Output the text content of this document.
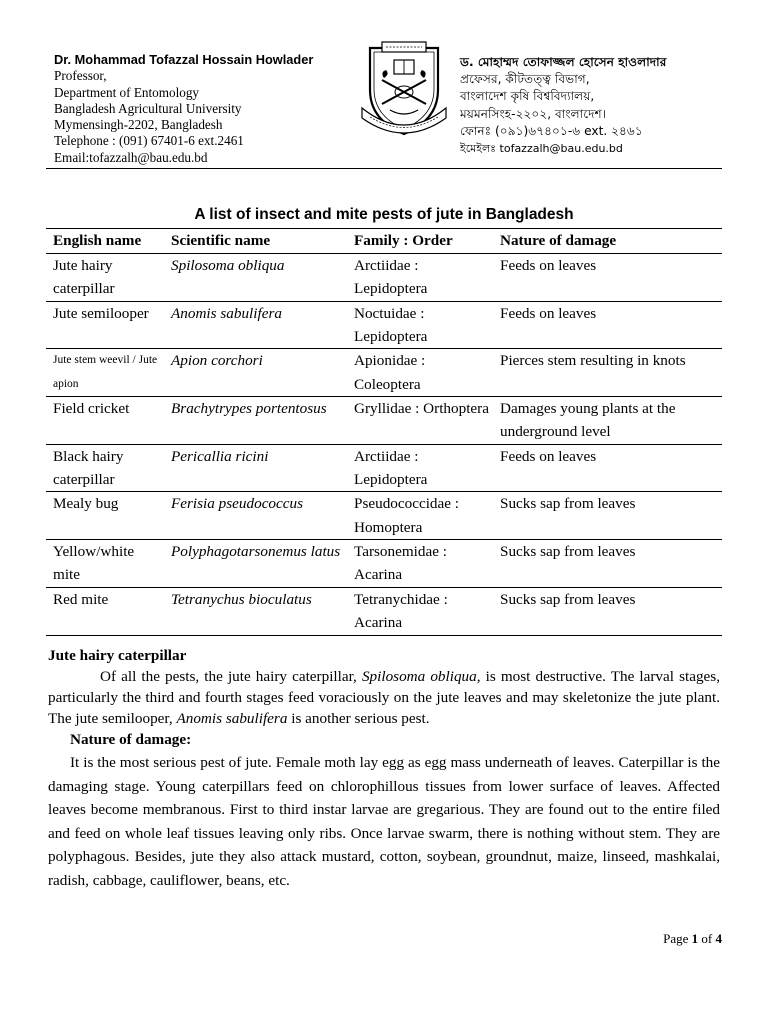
Dr. Mohammad Tofazzal Hossain Howlader
Professor,
Department of Entomology
Bangladesh Agricultural University
Mymensingh-2202, Bangladesh
Telephone : (091) 67401-6 ext.2461
Email:tofazzalh@bau.edu.bd
ড. মোহাম্মদ তোফাজ্জল হোসেন হাওলাদার
প্রফেসর, কীটতত্ত্ব বিভাগ,
বাংলাদেশ কৃষি বিশ্ববিদ্যালয়,
ময়মনসিংহ-২২০২, বাংলাদেশ।
ফোনঃ (০৯১)৬৭৪০১-৬ ext. ২৪৬১
ইমেইলঃ tofazzalh@bau.edu.bd
A list of insect and mite pests of jute in Bangladesh
English name	Scientific name	Family : Order	Nature of damage
Jute hairy caterpillar	Spilosoma obliqua	Arctiidae : Lepidoptera	Feeds on leaves
Jute semilooper	Anomis sabulifera	Noctuidae : Lepidoptera	Feeds on leaves
Jute stem weevil / Jute apion	Apion corchori	Apionidae : Coleoptera	Pierces stem resulting in knots
Field cricket	Brachytrypes portentosus	Gryllidae : Orthoptera	Damages young plants at the underground level
Black hairy caterpillar	Pericallia ricini	Arctiidae : Lepidoptera	Feeds on leaves
Mealy bug	Ferisia pseudococcus	Pseudococcidae : Homoptera	Sucks sap from leaves
Yellow/white mite	Polyphagotarsonemus latus	Tarsonemidae : Acarina	Sucks sap from leaves
Red mite	Tetranychus bioculatus	Tetranychidae : Acarina	Sucks sap from leaves
Jute hairy caterpillar

Of all the pests, the jute hairy caterpillar, Spilosoma obliqua, is most destructive. The larval stages, particularly the third and fourth stages feed voraciously on the jute leaves and may skeletonize the jute plant. The jute semilooper, Anomis sabulifera is another serious pest.

Nature of damage:

It is the most serious pest of jute. Female moth lay egg as egg mass underneath of leaves. Caterpillar is the damaging stage. Young caterpillars feed on chlorophillous tissues from lower surface of leaves. Affected leaves become membranous. First to third instar larvae are gregarious. They are found out to the entire filed and feed on whole leaf tissues leaving only ribs. Once larvae swarm, there is nothing without stem. They are polyphagous. Besides, jute they also attack mustard, cotton, soybean, groundnut, maize, linseed, mashkalai, radish, cabbage, cauliflower, beans, etc.

Page 1 of 4
